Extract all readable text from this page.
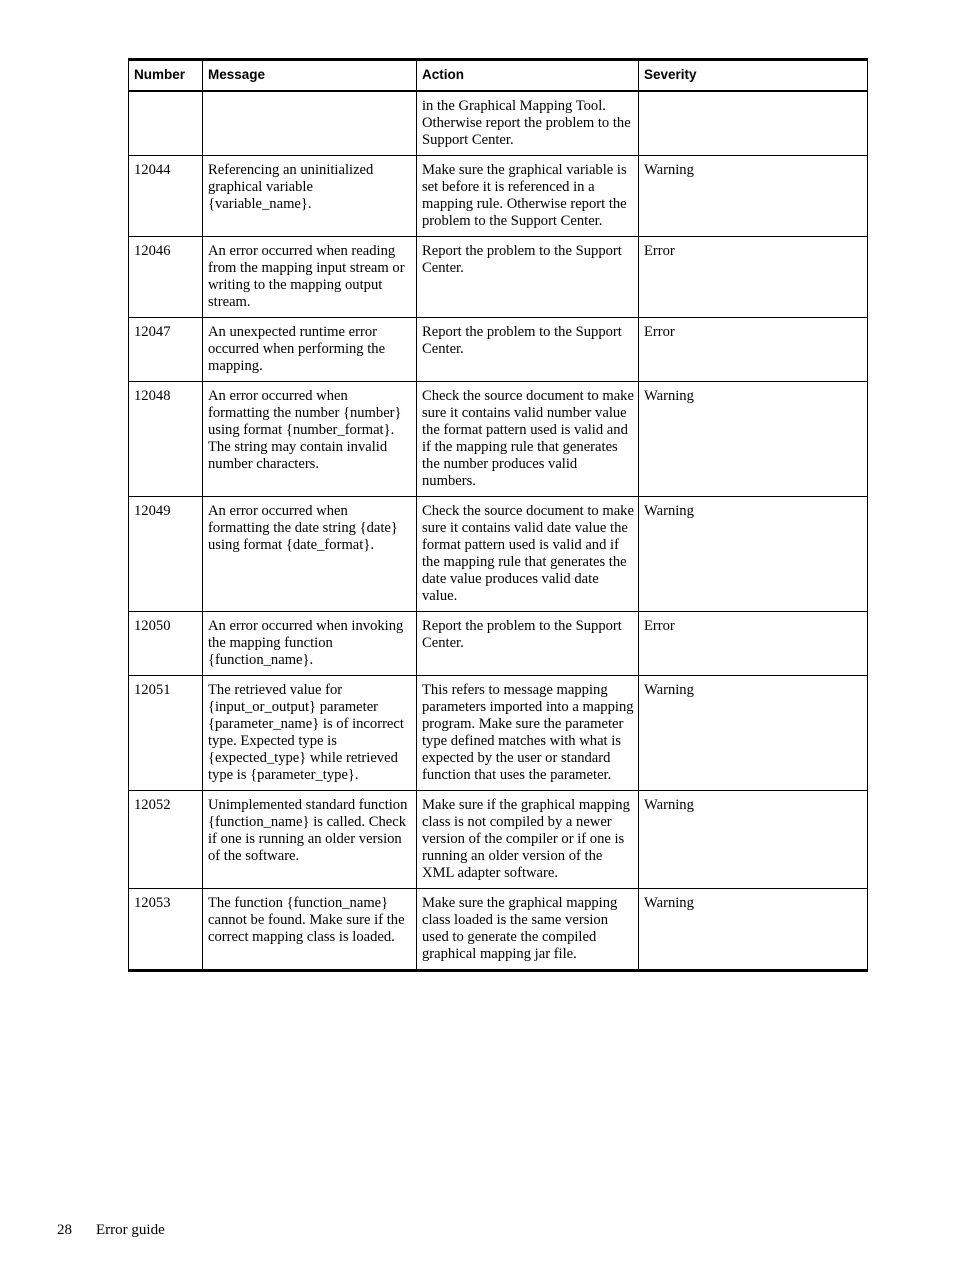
Number	Message	Action	Severity
		in the Graphical Mapping Tool. Otherwise report the problem to the Support Center.	
12044	Referencing an uninitialized graphical variable {variable_name}.	Make sure the graphical variable is set before it is referenced in a mapping rule. Otherwise report the problem to the Support Center.	Warning
12046	An error occurred when reading from the mapping input stream or writing to the mapping output stream.	Report the problem to the Support Center.	Error
12047	An unexpected runtime error occurred when performing the mapping.	Report the problem to the Support Center.	Error
12048	An error occurred when formatting the number {number} using format {number_format}. The string may contain invalid number characters.	Check the source document to make sure it contains valid number value the format pattern used is valid and if the mapping rule that generates the number produces valid numbers.	Warning
12049	An error occurred when formatting the date string {date} using format {date_format}.	Check the source document to make sure it contains valid date value the format pattern used is valid and if the mapping rule that generates the date value produces valid date value.	Warning
12050	An error occurred when invoking the mapping function {function_name}.	Report the problem to the Support Center.	Error
12051	The retrieved value for {input_or_output} parameter {parameter_name} is of incorrect type. Expected type is {expected_type} while retrieved type is {parameter_type}.	This refers to message mapping parameters imported into a mapping program. Make sure the parameter type defined matches with what is expected by the user or standard function that uses the parameter.	Warning
12052	Unimplemented standard function {function_name} is called. Check if one is running an older version of the software.	Make sure if the graphical mapping class is not compiled by a newer version of the compiler or if one is running an older version of the XML adapter software.	Warning
12053	The function {function_name} cannot be found. Make sure if the correct mapping class is loaded.	Make sure the graphical mapping class loaded is the same version used to generate the compiled graphical mapping jar file.	Warning
28 Error guide
